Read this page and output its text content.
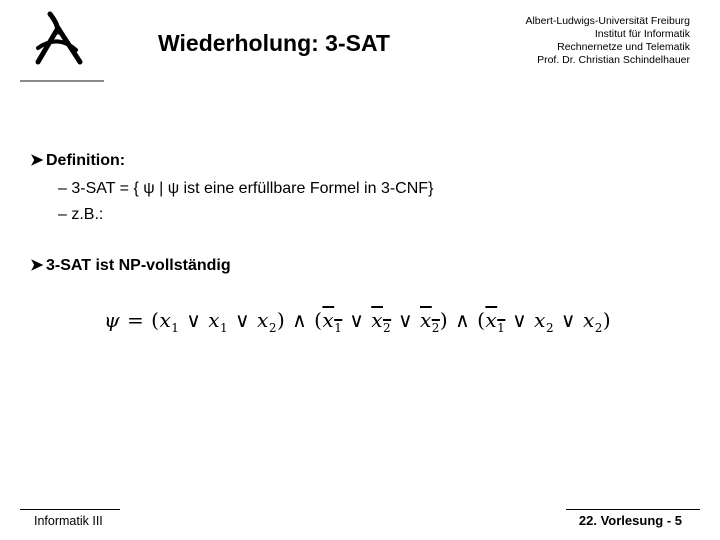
Wiederholung: 3-SAT
Albert-Ludwigs-Universität Freiburg
Institut für Informatik
Rechnernetze und Telematik
Prof. Dr. Christian Schindelhauer
➤ Definition:
– 3-SAT = { ψ | ψ ist eine erfüllbare Formel in 3-CNF}
– z.B.:
➤ 3-SAT ist NP-vollständig
$\psi = (x_1$ ∨ $x_1$ ∨ $x_2$) ∧ ($x_1$ ∨ $x_2$ ∨ $x_2$) ∧ ($x_1$ ∨ $x_2$ ∨ $x_2$)
Informatik III	22. Vorlesung - 5
